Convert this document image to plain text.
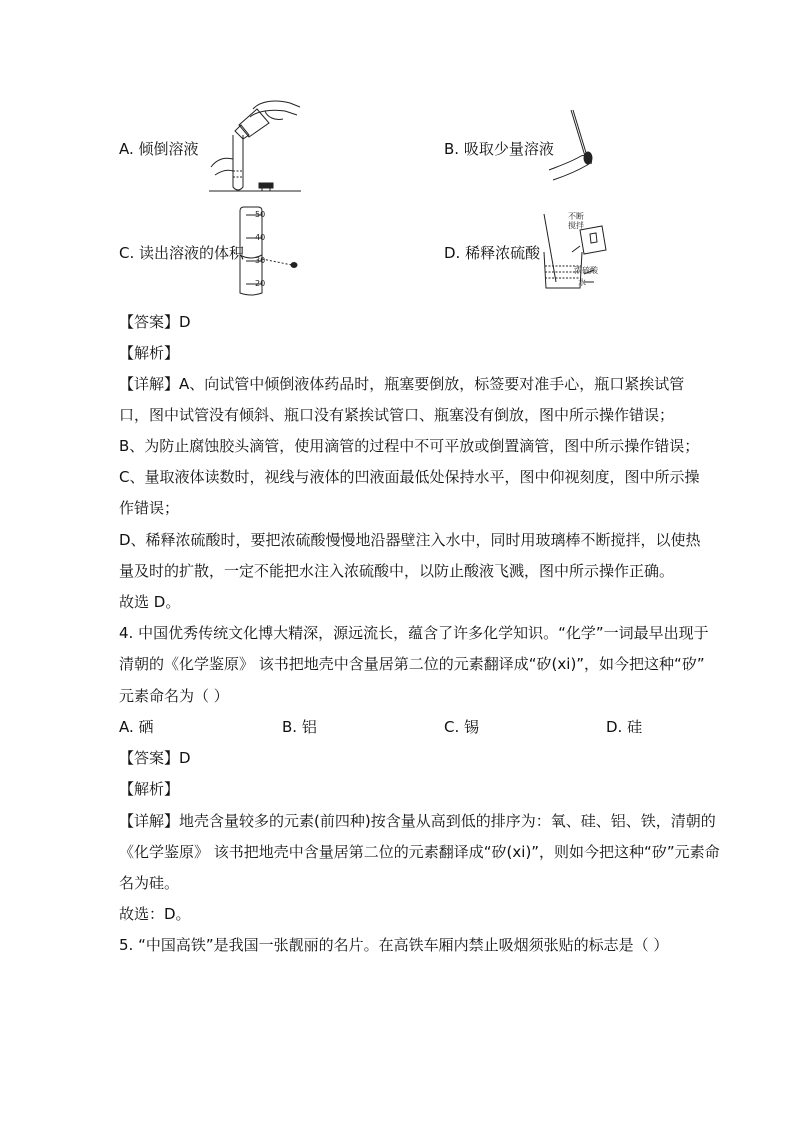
A. 倾倒溶液	B. 吸取少量溶液
C. 读出溶液的体积	D. 稀释浓硫酸
50
40
30
20
不断
搅拌
浓硫酸
水
【答案】D
【解析】
【详解】A、向试管中倾倒液体药品时，瓶塞要倒放，标签要对准手心，瓶口紧挨试管
口，图中试管没有倾斜、瓶口没有紧挨试管口、瓶塞没有倒放，图中所示操作错误；
B、为防止腐蚀胶头滴管，使用滴管的过程中不可平放或倒置滴管，图中所示操作错误；
C、量取液体读数时，视线与液体的凹液面最低处保持水平，图中仰视刻度，图中所示操
作错误；
D、稀释浓硫酸时，要把浓硫酸慢慢地沿器壁注入水中，同时用玻璃棒不断搅拌，以使热
量及时的扩散，一定不能把水注入浓硫酸中，以防止酸液飞溅，图中所示操作正确。
故选 D。
4. 中国优秀传统文化博大精深，源远流长，蕴含了许多化学知识。“化学”一词最早出现于
清朝的《化学鉴原》 该书把地壳中含量居第二位的元素翻译成“矽(xi)”，如今把这种“矽”
元素命名为（ ）
A. 硒	B. 铝	C. 锡	D. 硅
【答案】D
【解析】
【详解】地壳含量较多的元素(前四种)按含量从高到低的排序为：氧、硅、铝、铁，清朝的
《化学鉴原》 该书把地壳中含量居第二位的元素翻译成“矽(xi)”，则如今把这种“矽”元素命
名为硅。
故选：D。
5. “中国高铁”是我国一张靓丽的名片。在高铁车厢内禁止吸烟须张贴的标志是（ ）
